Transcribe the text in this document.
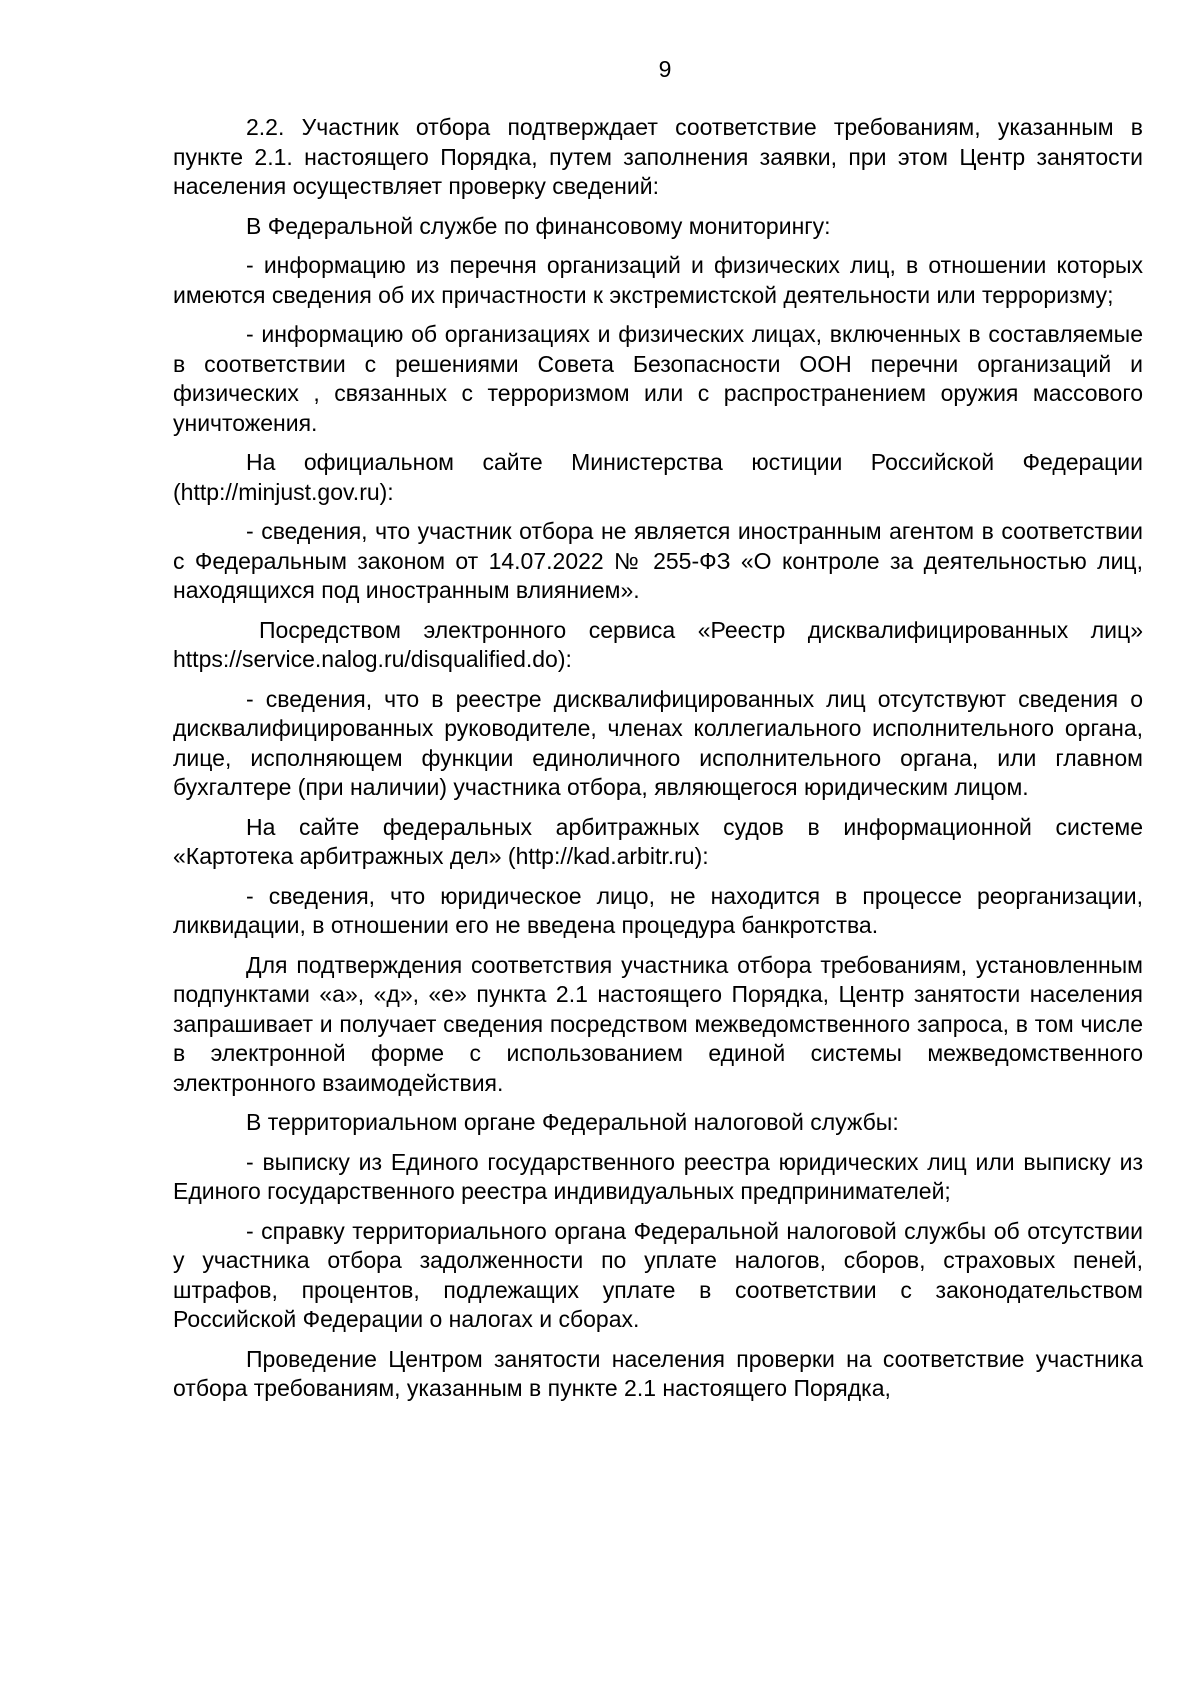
9

2.2. Участник отбора подтверждает соответствие требованиям, указанным в пункте 2.1. настоящего Порядка, путем заполнения заявки, при этом Центр занятости населения осуществляет проверку сведений:

В Федеральной службе по финансовому мониторингу:

- информацию из перечня организаций и физических лиц, в отношении которых имеются сведения об их причастности к экстремистской деятельности или терроризму;

- информацию об организациях и физических лицах, включенных в составляемые в соответствии с решениями Совета Безопасности ООН перечни организаций и физических , связанных с терроризмом или с распространением оружия массового уничтожения.

На официальном сайте Министерства юстиции Российской Федерации (http://minjust.gov.ru):

- сведения, что участник отбора не является иностранным агентом в соответствии с Федеральным законом от 14.07.2022 № 255-ФЗ «О контроле за деятельностью лиц, находящихся под иностранным влиянием».

Посредством электронного сервиса «Реестр дисквалифицированных лиц» https://service.nalog.ru/disqualified.do):

- сведения, что в реестре дисквалифицированных лиц отсутствуют сведения о дисквалифицированных руководителе, членах коллегиального исполнительного органа, лице, исполняющем функции единоличного исполнительного органа, или главном бухгалтере (при наличии) участника отбора, являющегося юридическим лицом.

На сайте федеральных арбитражных судов в информационной системе «Картотека арбитражных дел» (http://kad.arbitr.ru):

- сведения, что юридическое лицо, не находится в процессе реорганизации, ликвидации, в отношении его не введена процедура банкротства.

Для подтверждения соответствия участника отбора требованиям, установленным подпунктами «а», «д», «е» пункта 2.1 настоящего Порядка, Центр занятости населения запрашивает и получает сведения посредством межведомственного запроса, в том числе в электронной форме с использованием единой системы межведомственного электронного взаимодействия.

В территориальном органе Федеральной налоговой службы:

- выписку из Единого государственного реестра юридических лиц или выписку из Единого государственного реестра индивидуальных предпринимателей;

- справку территориального органа Федеральной налоговой службы об отсутствии у участника отбора задолженности по уплате налогов, сборов, страховых пеней, штрафов, процентов, подлежащих уплате в соответствии с законодательством Российской Федерации о налогах и сборах.

Проведение Центром занятости населения проверки на соответствие участника отбора требованиям, указанным в пункте 2.1 настоящего Порядка,
